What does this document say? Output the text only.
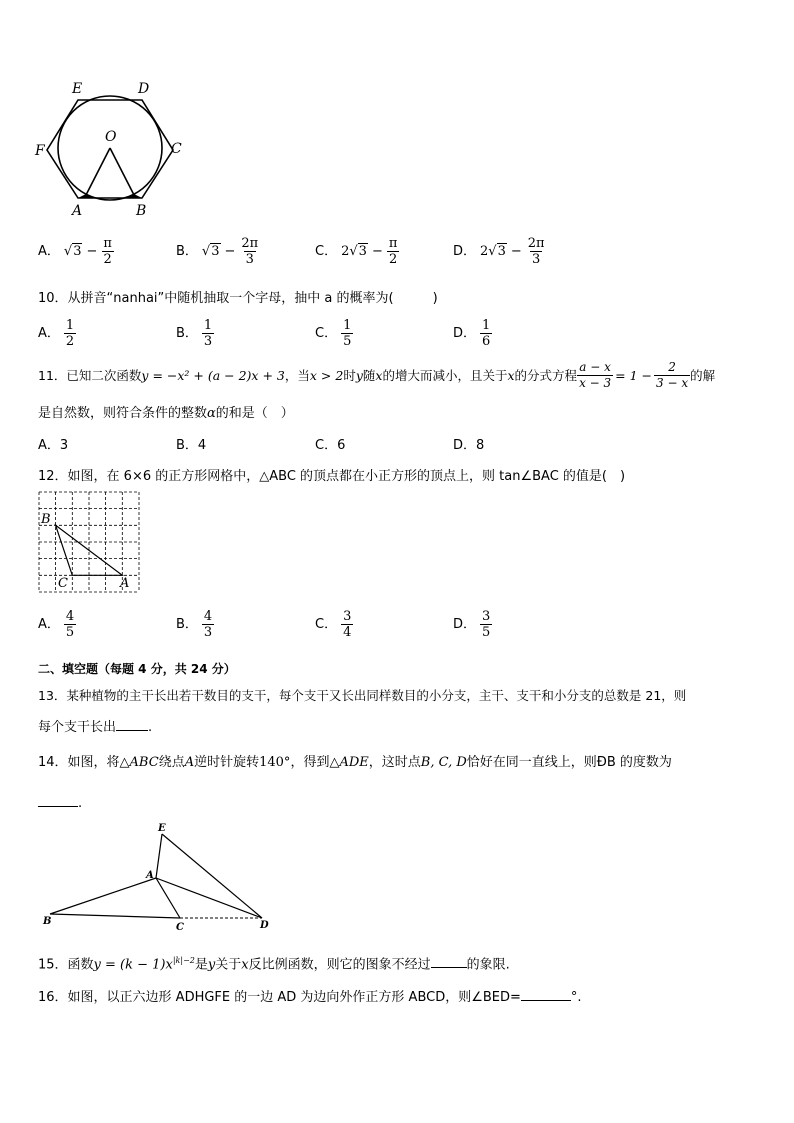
E	D
F	C
O
A	B
A． $√3 - \frac{\pi}{2}$	B． $√3 - \frac{2\pi}{3}$	C． $2√3 - \frac{\pi}{2}$	D． $2√3 - \frac{2\pi}{3}$
10．从拼音“nanhai”中随机抽取一个字母，抽中 a 的概率为(　　　)
A． $\frac{1}{2}$	B． $\frac{1}{3}$	C． $\frac{1}{5}$	D． $\frac{1}{6}$
11．已知二次函数 y = −x² + (a − 2)x + 3 ，当 x > 2 时 y 随 x 的增大而减小，且关于 x 的分式方程 $\frac{a - x}{x - 3} = 1 - \frac{2}{3 - x}$ 的解
是自然数，则符合条件的整数α的和是（　）
A．3	B．4	C．6	D．8
12．如图，在 6×6 的正方形网格中，△ABC 的顶点都在小正方形的顶点上，则 tan∠BAC 的值是(　)
B
C	A
A． $\frac{4}{5}$	B． $\frac{4}{3}$	C． $\frac{3}{4}$	D． $\frac{3}{5}$
二、填空题（每题 4 分，共 24 分）
13．某种植物的主干长出若干数目的支干，每个支干又长出同样数目的小分支，主干、支干和小分支的总数是 21，则
每个支干长出 .
14．如图，将△ABC绕点A逆时针旋转140°，得到△ADE，这时点B, C, D恰好在同一直线上，则ÐB 的度数为
.
E
A
B
C	D
15．函数$y = (k - 1)x^{|k|-2}$是y关于x反比例函数，则它的图象不经过	的象限.
16．如图，以正六边形 ADHGFE 的一边 AD 为边向外作正方形 ABCD，则∠BED=	°.
